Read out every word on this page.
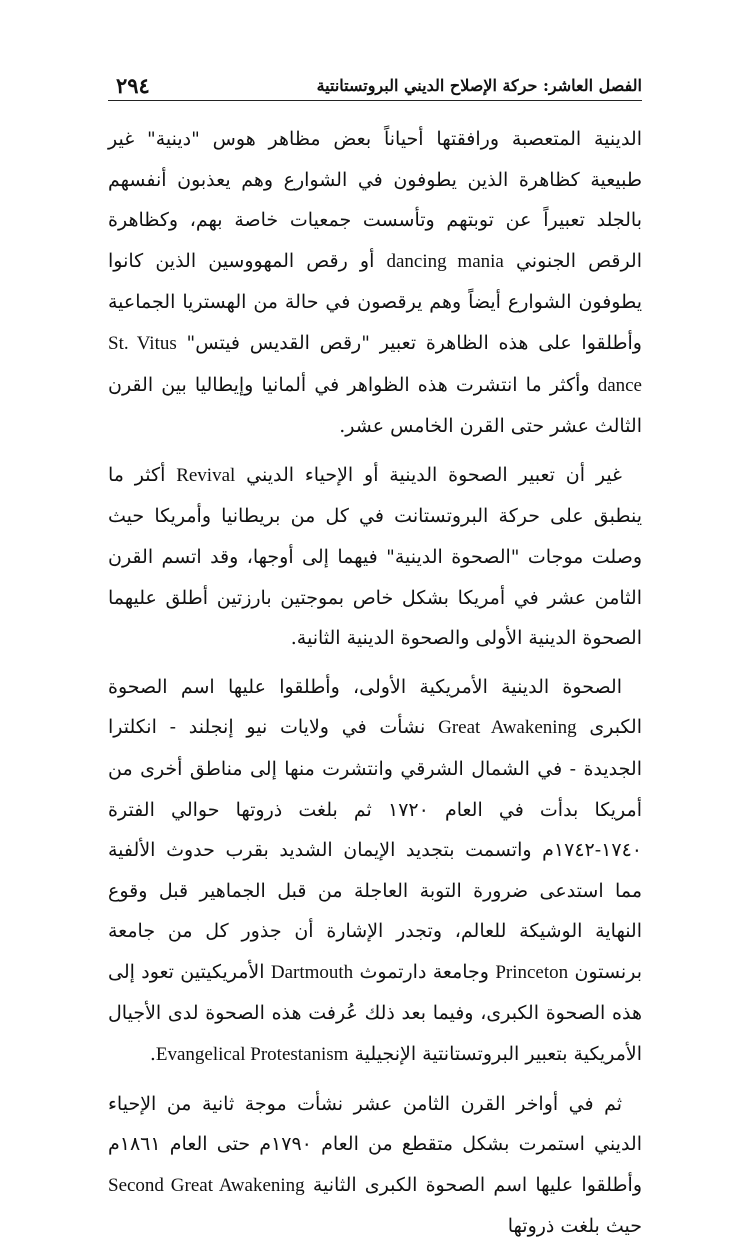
الفصل العاشر: حركة الإصلاح الديني البروتستانتية
٢٩٤

الدينية المتعصبة ورافقتها أحياناً بعض مظاهر هوس "دينية" غير طبيعية كظاهرة الذين يطوفون في الشوارع وهم يعذبون أنفسهم بالجلد تعبيراً عن توبتهم وتأسست جمعيات خاصة بهم، وكظاهرة الرقص الجنوني dancing mania أو رقص المهووسين الذين كانوا يطوفون الشوارع أيضاً وهم يرقصون في حالة من الهستريا الجماعية وأطلقوا على هذه الظاهرة تعبير "رقص القديس فيتس" St. Vitus dance وأكثر ما انتشرت هذه الظواهر في ألمانيا وإيطاليا بين القرن الثالث عشر حتى القرن الخامس عشر.

غير أن تعبير الصحوة الدينية أو الإحياء الديني Revival أكثر ما ينطبق على حركة البروتستانت في كل من بريطانيا وأمريكا حيث وصلت موجات "الصحوة الدينية" فيهما إلى أوجها، وقد اتسم القرن الثامن عشر في أمريكا بشكل خاص بموجتين بارزتين أطلق عليهما الصحوة الدينية الأولى والصحوة الدينية الثانية.

الصحوة الدينية الأمريكية الأولى، وأطلقوا عليها اسم الصحوة الكبرى Great Awakening نشأت في ولايات نيو إنجلند - انكلترا الجديدة - في الشمال الشرقي وانتشرت منها إلى مناطق أخرى من أمريكا بدأت في العام ١٧٢٠ ثم بلغت ذروتها حوالي الفترة ١٧٤٠-١٧٤٢م واتسمت بتجديد الإيمان الشديد بقرب حدوث الألفية مما استدعى ضرورة التوبة العاجلة من قبل الجماهير قبل وقوع النهاية الوشيكة للعالم، وتجدر الإشارة أن جذور كل من جامعة برنستون Princeton وجامعة دارتموث Dartmouth الأمريكيتين تعود إلى هذه الصحوة الكبرى، وفيما بعد ذلك عُرفت هذه الصحوة لدى الأجيال الأمريكية بتعبير البروتستانتية الإنجيلية Evangelical Protestanism.

ثم في أواخر القرن الثامن عشر نشأت موجة ثانية من الإحياء الديني استمرت بشكل متقطع من العام ١٧٩٠م حتى العام ١٨٦١م وأطلقوا عليها اسم الصحوة الكبرى الثانية Second Great Awakening حيث بلغت ذروتها
